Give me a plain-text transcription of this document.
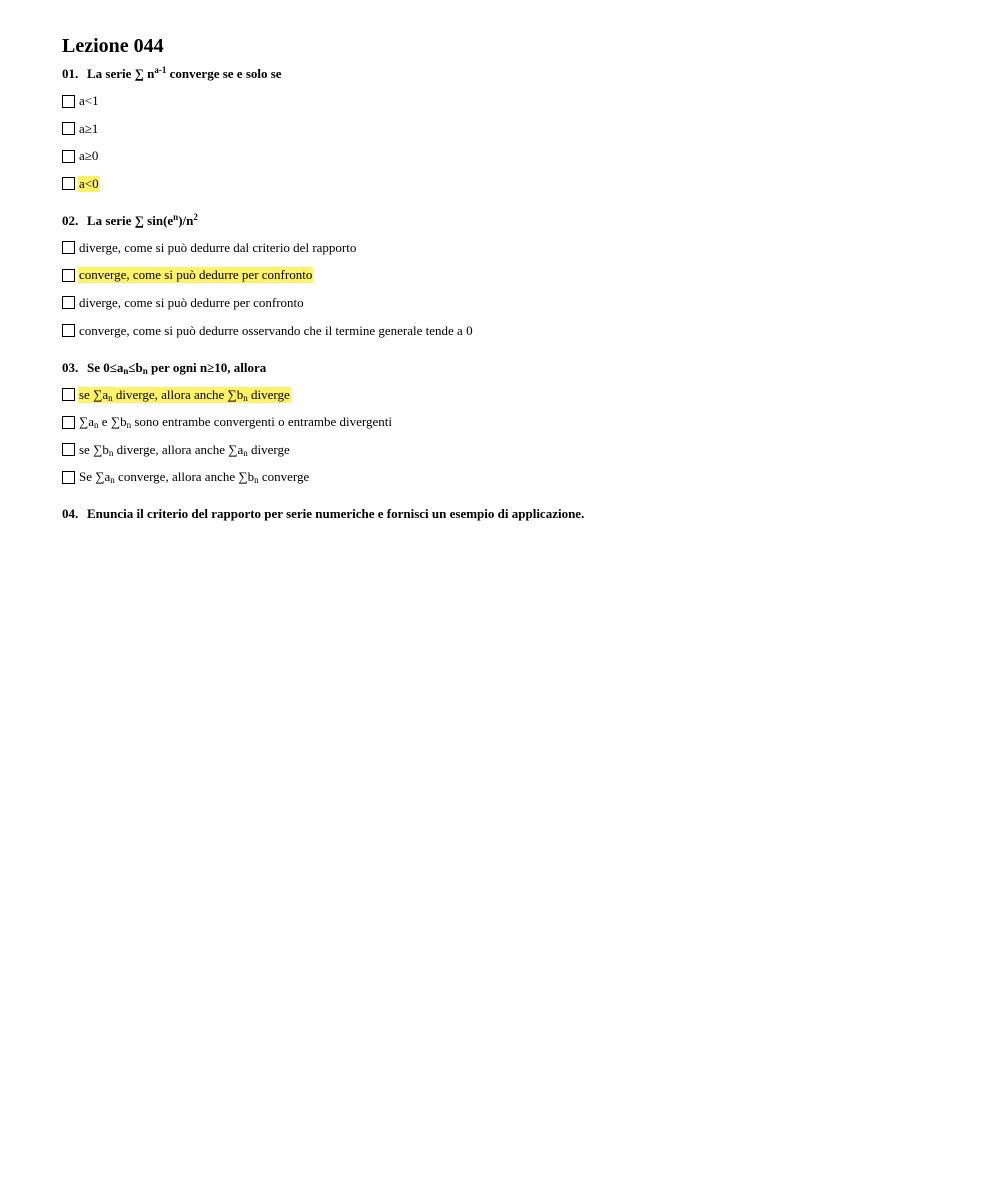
Lezione 044
01. La serie ∑ $n^{a-1}$ converge se e solo se
a<1
a≥1
a≥0
a<0
02. La serie ∑ $\sin(e^n)/n^2$
diverge, come si può dedurre dal criterio del rapporto
converge, come si può dedurre per confronto
diverge, come si può dedurre per confronto
converge, come si può dedurre osservando che il termine generale tende a 0
03. Se $0\le a_n\le b_n$ per ogni n≥10, allora
se $\sum a_n$ diverge, allora anche $\sum b_n$ diverge
$\sum a_n$ e $\sum b_n$ sono entrambe convergenti o entrambe divergenti
se $\sum b_n$ diverge, allora anche $\sum a_n$ diverge
Se $\sum a_n$ converge, allora anche $\sum b_n$ converge
04. Enuncia il criterio del rapporto per serie numeriche e fornisci un esempio di applicazione.
